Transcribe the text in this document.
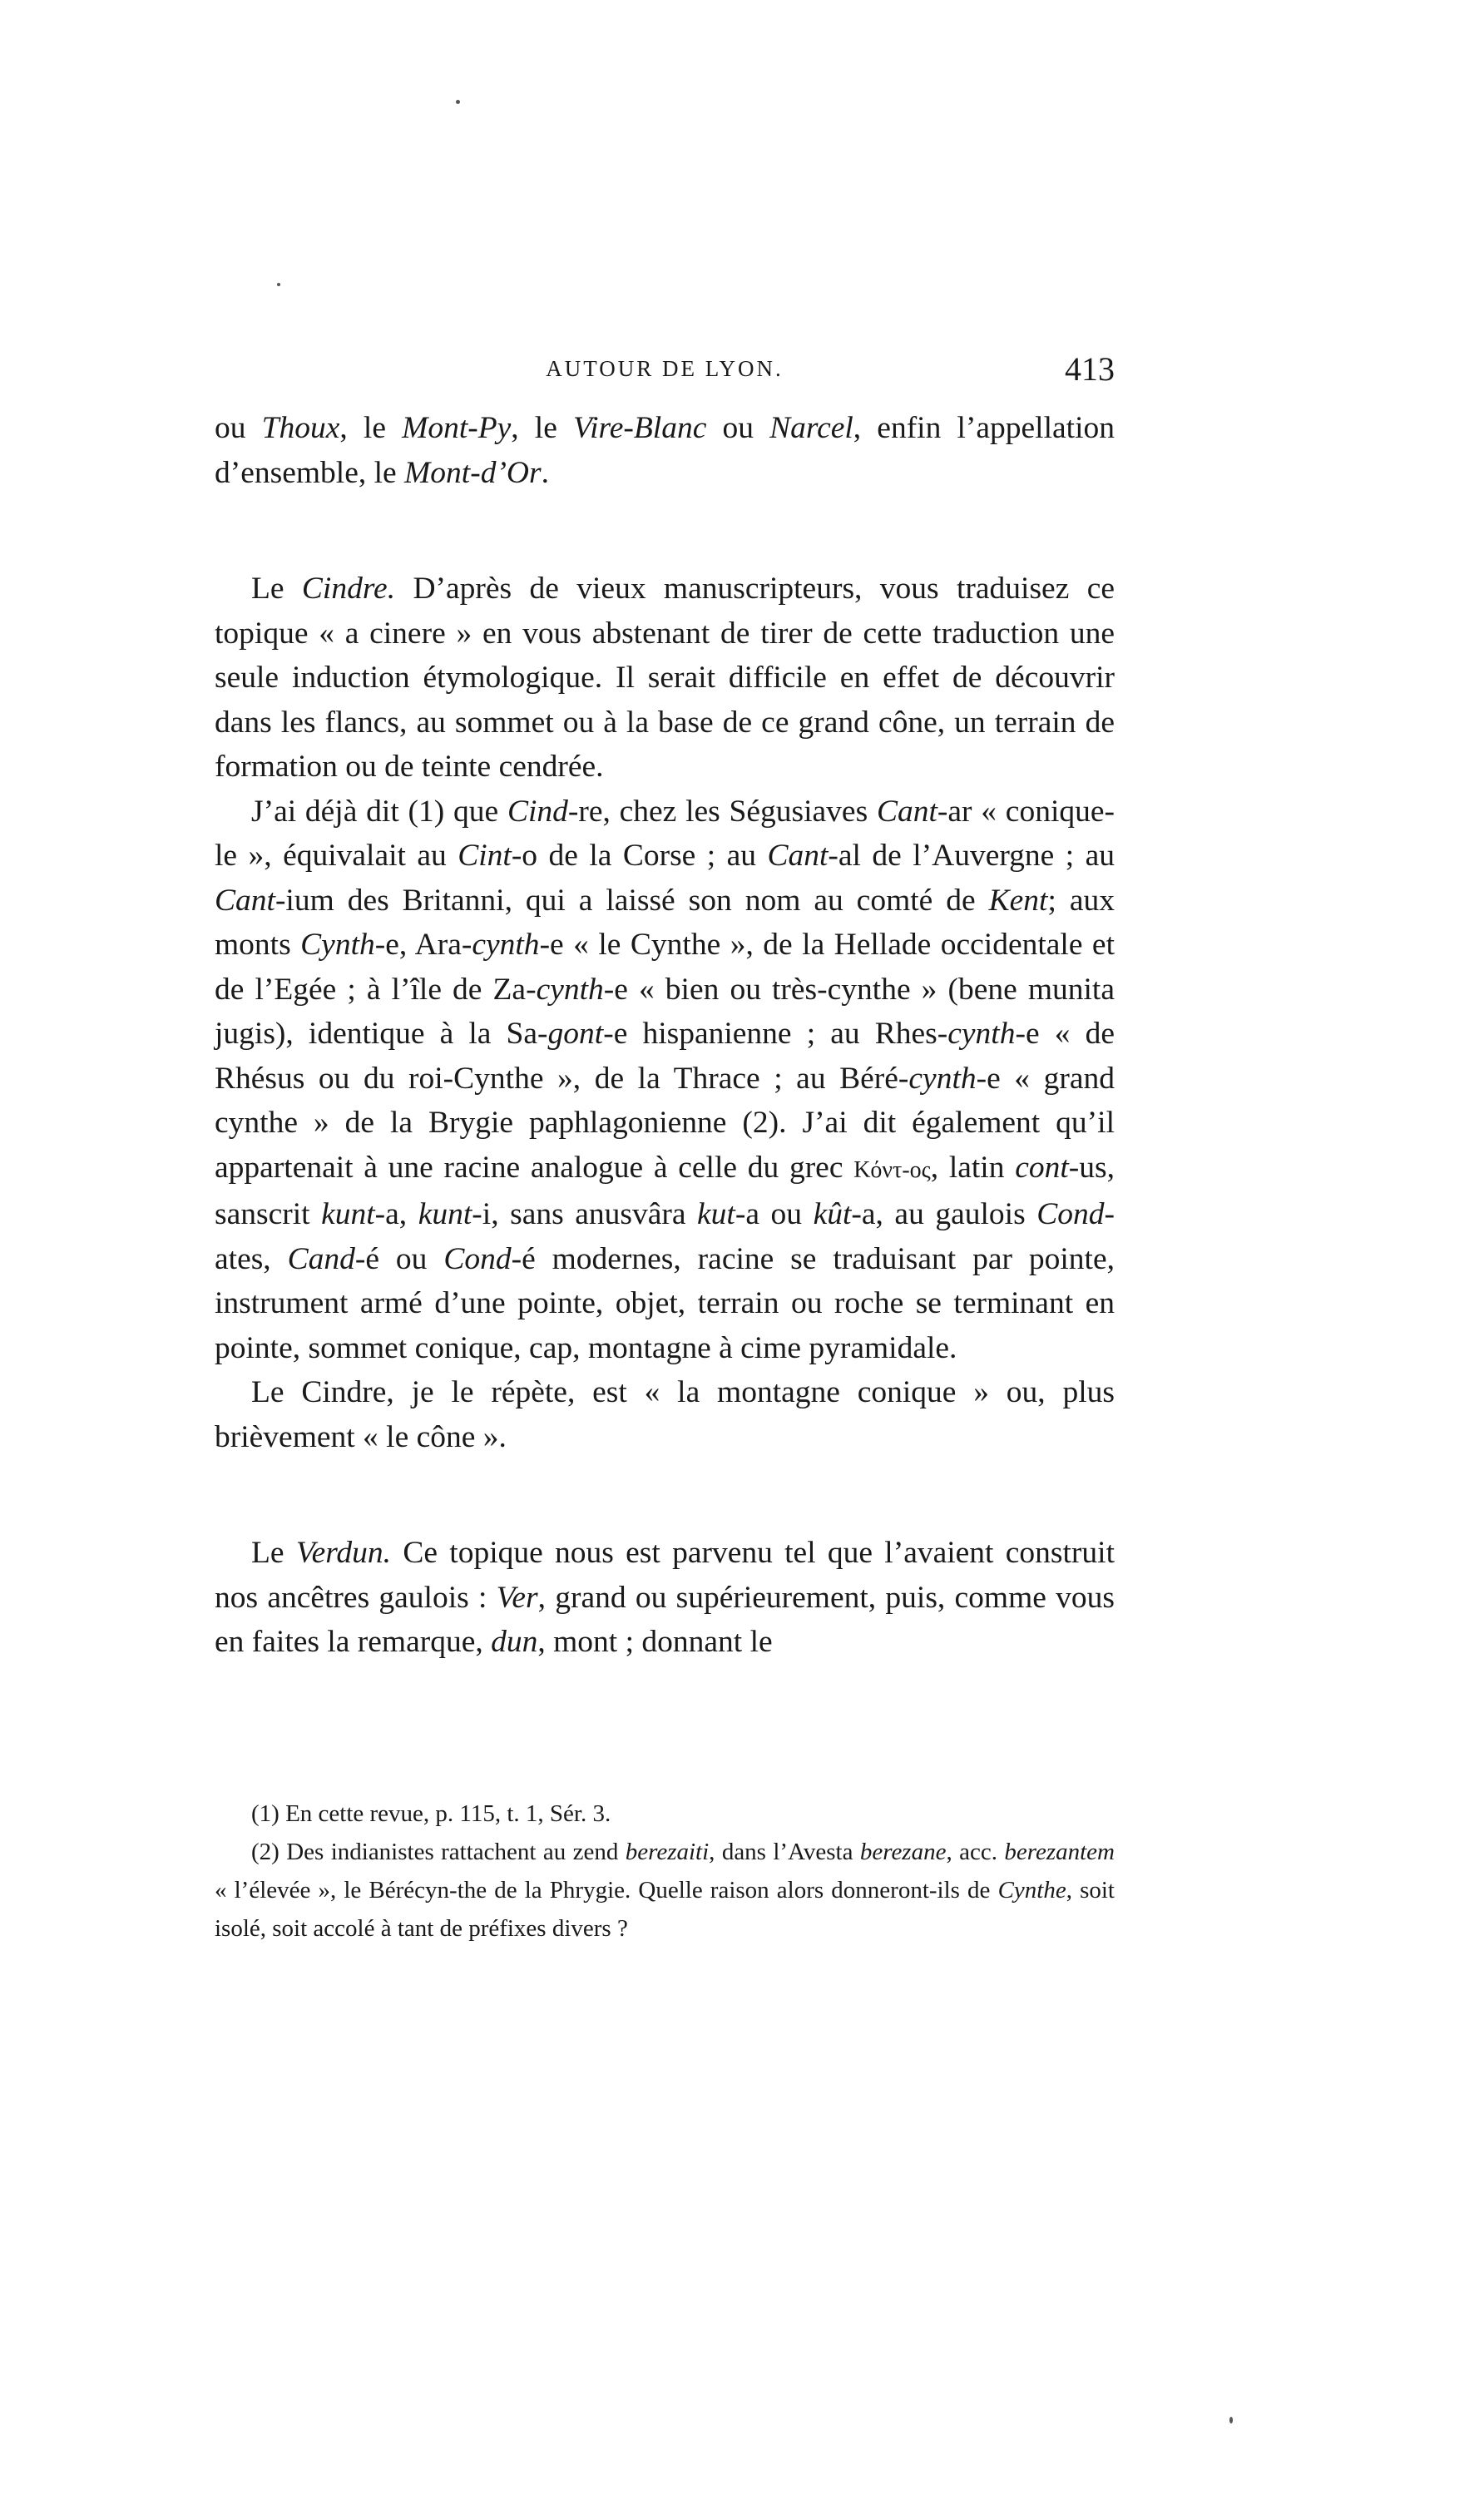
AUTOUR DE LYON.	413

ou Thoux, le Mont-Py, le Vire-Blanc ou Narcel, enfin l’appellation d’ensemble, le Mont-d’Or.

Le Cindre. D’après de vieux manuscripteurs, vous traduisez ce topique « a cinere » en vous abstenant de tirer de cette traduction une seule induction étymologique. Il serait difficile en effet de découvrir dans les flancs, au sommet ou à la base de ce grand cône, un terrain de formation ou de teinte cendrée.

J’ai déjà dit (1) que Cind-re, chez les Ségusiaves Cant-ar « conique-le », équivalait au Cint-o de la Corse ; au Cant-al de l’Auvergne ; au Cant-ium des Britanni, qui a laissé son nom au comté de Kent; aux monts Cynth-e, Ara-cynth-e « le Cynthe », de la Hellade occidentale et de l’Egée ; à l’île de Za-cynth-e « bien ou très-cynthe » (bene munita jugis), identique à la Sa-gont-e hispanienne ; au Rhes-cynth-e « de Rhésus ou du roi-Cynthe », de la Thrace ; au Béré-cynth-e « grand cynthe » de la Brygie paphlagonienne (2). J’ai dit également qu’il appartenait à une racine analogue à celle du grec Κόντ-ος, latin cont-us, sanscrit kunt-a, kunt-i, sans anusvâra kut-a ou kût-a, au gaulois Cond-ates, Cand-é ou Cond-é modernes, racine se traduisant par pointe, instrument armé d’une pointe, objet, terrain ou roche se terminant en pointe, sommet conique, cap, montagne à cime pyramidale.

Le Cindre, je le répète, est « la montagne conique » ou, plus brièvement « le cône ».

Le Verdun. Ce topique nous est parvenu tel que l’avaient construit nos ancêtres gaulois : Ver, grand ou supérieurement, puis, comme vous en faites la remarque, dun, mont ; donnant le

(1) En cette revue, p. 115, t. 1, Sér. 3.

(2) Des indianistes rattachent au zend berezaiti, dans l’Avesta berezane, acc. berezantem « l’élevée », le Bérécyn-the de la Phrygie. Quelle raison alors donneront-ils de Cynthe, soit isolé, soit accolé à tant de préfixes divers ?
